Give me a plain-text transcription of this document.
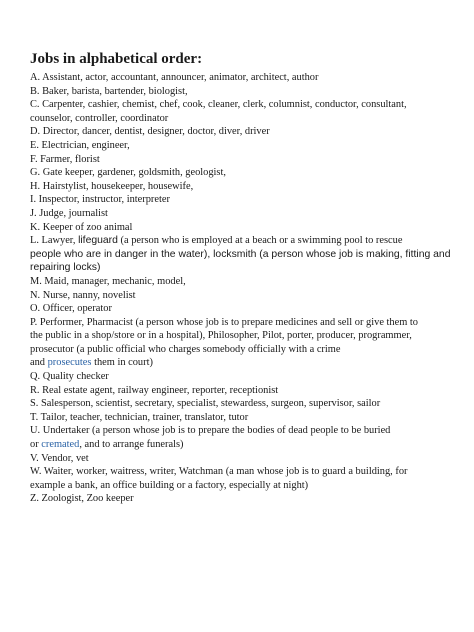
Jobs in alphabetical order:
A. Assistant, actor, accountant, announcer, animator, architect, author
B. Baker, barista, bartender, biologist,
C. Carpenter, cashier, chemist, chef, cook, cleaner, clerk, columnist, conductor, consultant,
counselor, controller, coordinator
D. Director, dancer, dentist, designer, doctor, diver, driver
E. Electrician, engineer,
F. Farmer, florist
G. Gate keeper, gardener, goldsmith, geologist,
H. Hairstylist, housekeeper, housewife,
I. Inspector, instructor, interpreter
J. Judge, journalist
K. Keeper of zoo animal
L. Lawyer, lifeguard (a person who is employed at a beach or a swimming pool to rescue
people who are in danger in the water), locksmith (a person whose job is making, fitting and
repairing locks)
M. Maid, manager, mechanic, model,
N. Nurse, nanny, novelist
O. Officer, operator
P. Performer, Pharmacist (a person whose job is to prepare medicines and sell or give them to
the public in a shop/store or in a hospital), Philosopher, Pilot, porter, producer, programmer,
prosecutor (a public official who charges somebody officially with a crime
and prosecutes them in court)
Q. Quality checker
R. Real estate agent, railway engineer, reporter, receptionist
S. Salesperson, scientist, secretary, specialist, stewardess, surgeon, supervisor, sailor
T. Tailor, teacher, technician, trainer, translator, tutor
U. Undertaker (a person whose job is to prepare the bodies of dead people to be buried
or cremated, and to arrange funerals)
V. Vendor, vet
W. Waiter, worker, waitress, writer, Watchman (a man whose job is to guard a building, for
example a bank, an office building or a factory, especially at night)
Z. Zoologist, Zoo keeper
